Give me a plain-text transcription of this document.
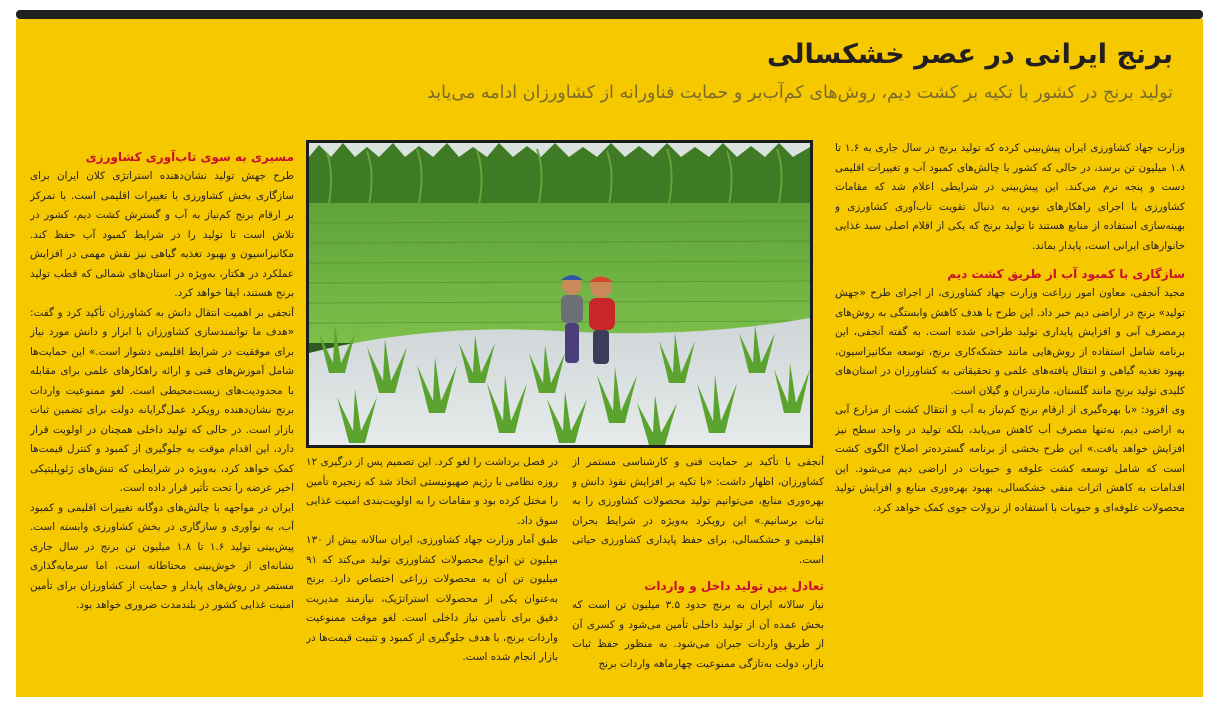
برنج ایرانی در عصر خشکسالی
تولید برنج در کشور با تکیه بر کشت دیم، روش‌های کم‌آب‌بر و حمایت فناورانه از کشاورزان ادامه می‌یابد

وزارت جهاد کشاورزی ایران پیش‌بینی کرده که تولید برنج در سال جاری به ۱.۶ تا ۱.۸ میلیون تن برسد، در حالی که کشور با چالش‌های کمبود آب و تغییرات اقلیمی دست و پنجه نرم می‌کند. این پیش‌بینی در شرایطی اعلام شد که مقامات کشاورزی با اجرای راهکارهای نوین، به دنبال تقویت تاب‌آوری کشاورزی و بهینه‌سازی استفاده از منابع هستند تا تولید برنج که یکی از اقلام اصلی سبد غذایی خانوارهای ایرانی است، پایدار بماند.

سازگاری با کمبود آب از طریق کشت دیم

مجید آنجفی، معاون امور زراعت وزارت جهاد کشاورزی، از اجرای طرح «جهش تولید» برنج در اراضی دیم خبر داد. این طرح با هدف کاهش وابستگی به روش‌های پرمصرف آبی و افزایش پایداری تولید طراحی شده است. به گفته آنجفی، این برنامه شامل استفاده از روش‌هایی مانند خشکه‌کاری برنج، توسعه مکانیزاسیون، بهبود تغذیه گیاهی و انتقال یافته‌های علمی و تحقیقاتی به کشاورزان در استان‌های کلیدی تولید برنج مانند گلستان، مازندران و گیلان است.

وی افزود: «با بهره‌گیری از ارقام برنج کم‌نیاز به آب و انتقال کشت از مزارع آبی به اراضی دیم، نه‌تنها مصرف آب کاهش می‌یابد، بلکه تولید در واحد سطح نیز افزایش خواهد یافت.» این طرح بخشی از برنامه گسترده‌تر اصلاح الگوی کشت است که شامل توسعه کشت علوفه و حبوبات در اراضی دیم می‌شود. این اقدامات به کاهش اثرات منفی خشکسالی، بهبود بهره‌وری منابع و افزایش تولید محصولات علوفه‌ای و حبوبات با استفاده از نزولات جوی کمک خواهد کرد.

آنجفی با تأکید بر حمایت فنی و کارشناسی مستمر از کشاورزان، اظهار داشت: «با تکیه بر افزایش نفوذ دانش و بهره‌وری منابع، می‌توانیم تولید محصولات کشاورزی را به ثبات برسانیم.» این رویکرد به‌ویژه در شرایط بحران اقلیمی و خشکسالی، برای حفظ پایداری کشاورزی حیاتی است.

تعادل بین تولید داخل و واردات

نیاز سالانه ایران به برنج حدود ۳.۵ میلیون تن است که بخش عمده آن از تولید داخلی تأمین می‌شود و کسری آن از طریق واردات جبران می‌شود. به منظور حفظ ثبات بازار، دولت به‌تازگی ممنوعیت چهارماهه واردات برنج

در فصل برداشت را لغو کرد. این تصمیم پس از درگیری ۱۲ روزه نظامی با رژیم صهیونیستی اتخاذ شد که زنجیره تأمین را مختل کرده بود و مقامات را به اولویت‌بندی امنیت غذایی سوق داد.

طبق آمار وزارت جهاد کشاورزی، ایران سالانه بیش از ۱۳۰ میلیون تن انواع محصولات کشاورزی تولید می‌کند که ۹۱ میلیون تن آن به محصولات زراعی اختصاص دارد. برنج به‌عنوان یکی از محصولات استراتژیک، نیازمند مدیریت دقیق برای تأمین نیاز داخلی است. لغو موقت ممنوعیت واردات برنج، با هدف جلوگیری از کمبود و تثبیت قیمت‌ها در بازار انجام شده است.

مسیری به سوی تاب‌آوری کشاورزی

طرح جهش تولید نشان‌دهنده استراتژی کلان ایران برای سازگاری بخش کشاورزی با تغییرات اقلیمی است. با تمرکز بر ارقام برنج کم‌نیاز به آب و گسترش کشت دیم، کشور در تلاش است تا تولید را در شرایط کمبود آب حفظ کند. مکانیزاسیون و بهبود تغذیه گیاهی نیز نقش مهمی در افزایش عملکرد در هکتار، به‌ویژه در استان‌های شمالی که قطب تولید برنج هستند، ایفا خواهد کرد.

آنجفی بر اهمیت انتقال دانش به کشاورزان تأکید کرد و گفت: «هدف ما توانمندسازی کشاورزان با ابزار و دانش مورد نیاز برای موفقیت در شرایط اقلیمی دشوار است.» این حمایت‌ها شامل آموزش‌های فنی و ارائه راهکارهای علمی برای مقابله با محدودیت‌های زیست‌محیطی است. لغو ممنوعیت واردات برنج نشان‌دهنده رویکرد عمل‌گرایانه دولت برای تضمین ثبات بازار است. در حالی که تولید داخلی همچنان در اولویت قرار دارد، این اقدام موقت به جلوگیری از کمبود و کنترل قیمت‌ها کمک خواهد کرد، به‌ویژه در شرایطی که تنش‌های ژئوپلیتیکی اخیر عرضه را تحت تأثیر قرار داده است.

ایران در مواجهه با چالش‌های دوگانه تغییرات اقلیمی و کمبود آب، به نوآوری و سازگاری در بخش کشاورزی وابسته است. پیش‌بینی تولید ۱.۶ تا ۱.۸ میلیون تن برنج در سال جاری نشانه‌ای از خوش‌بینی محتاطانه است، اما سرمایه‌گذاری مستمر در روش‌های پایدار و حمایت از کشاورزان برای تأمین امنیت غذایی کشور در بلندمدت ضروری خواهد بود.
